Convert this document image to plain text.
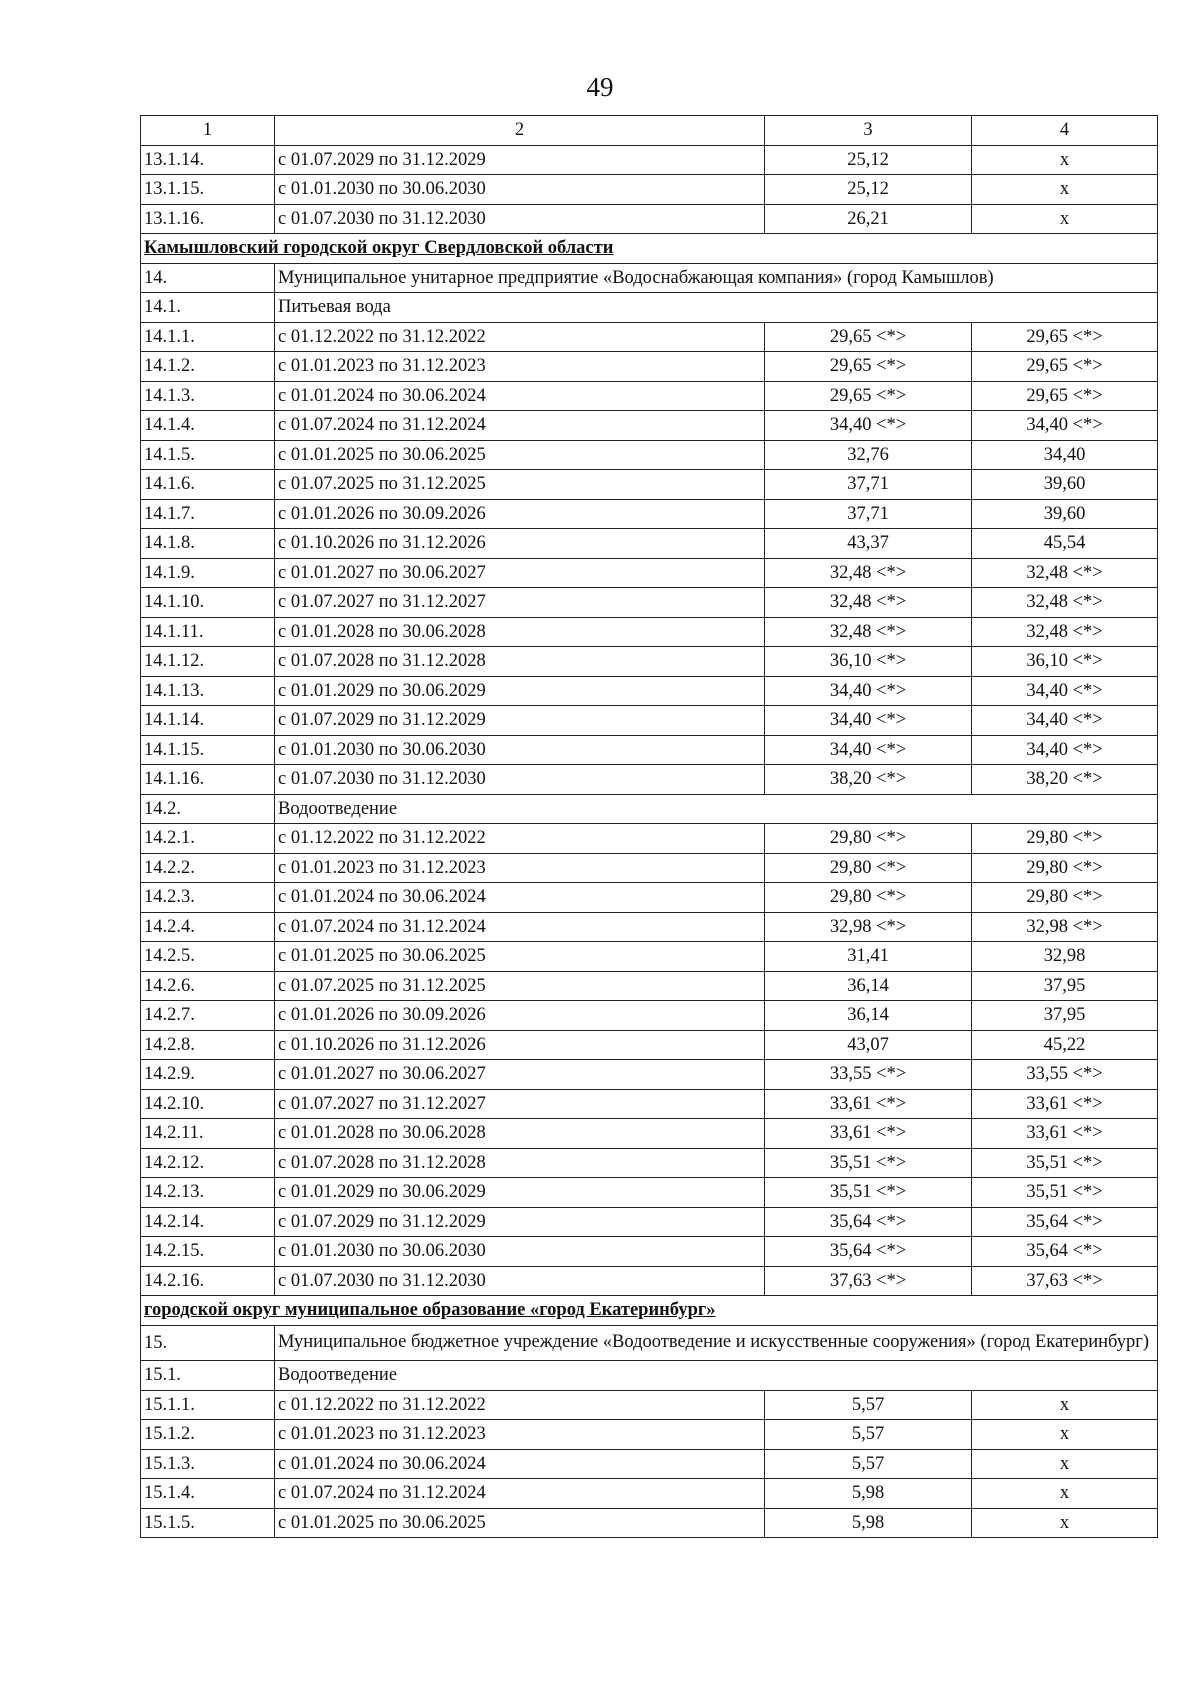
49
1	2	3	4
13.1.14.	с 01.07.2029 по 31.12.2029	25,12	х
13.1.15.	с 01.01.2030 по 30.06.2030	25,12	х
13.1.16.	с 01.07.2030 по 31.12.2030	26,21	х
Камышловский городской округ Свердловской области			
14.	Муниципальное унитарное предприятие «Водоснабжающая компания» (город Камышлов)		
14.1.	Питьевая вода		
14.1.1.	с 01.12.2022 по 31.12.2022	29,65 <*>	29,65 <*>
14.1.2.	с 01.01.2023 по 31.12.2023	29,65 <*>	29,65 <*>
14.1.3.	с 01.01.2024 по 30.06.2024	29,65 <*>	29,65 <*>
14.1.4.	с 01.07.2024 по 31.12.2024	34,40 <*>	34,40 <*>
14.1.5.	с 01.01.2025 по 30.06.2025	32,76	34,40
14.1.6.	с 01.07.2025 по 31.12.2025	37,71	39,60
14.1.7.	с 01.01.2026 по 30.09.2026	37,71	39,60
14.1.8.	с 01.10.2026 по 31.12.2026	43,37	45,54
14.1.9.	с 01.01.2027 по 30.06.2027	32,48 <*>	32,48 <*>
14.1.10.	с 01.07.2027 по 31.12.2027	32,48 <*>	32,48 <*>
14.1.11.	с 01.01.2028 по 30.06.2028	32,48 <*>	32,48 <*>
14.1.12.	с 01.07.2028 по 31.12.2028	36,10 <*>	36,10 <*>
14.1.13.	с 01.01.2029 по 30.06.2029	34,40 <*>	34,40 <*>
14.1.14.	с 01.07.2029 по 31.12.2029	34,40 <*>	34,40 <*>
14.1.15.	с 01.01.2030 по 30.06.2030	34,40 <*>	34,40 <*>
14.1.16.	с 01.07.2030 по 31.12.2030	38,20 <*>	38,20 <*>
14.2.	Водоотведение		
14.2.1.	с 01.12.2022 по 31.12.2022	29,80 <*>	29,80 <*>
14.2.2.	с 01.01.2023 по 31.12.2023	29,80 <*>	29,80 <*>
14.2.3.	с 01.01.2024 по 30.06.2024	29,80 <*>	29,80 <*>
14.2.4.	с 01.07.2024 по 31.12.2024	32,98 <*>	32,98 <*>
14.2.5.	с 01.01.2025 по 30.06.2025	31,41	32,98
14.2.6.	с 01.07.2025 по 31.12.2025	36,14	37,95
14.2.7.	с 01.01.2026 по 30.09.2026	36,14	37,95
14.2.8.	с 01.10.2026 по 31.12.2026	43,07	45,22
14.2.9.	с 01.01.2027 по 30.06.2027	33,55 <*>	33,55 <*>
14.2.10.	с 01.07.2027 по 31.12.2027	33,61 <*>	33,61 <*>
14.2.11.	с 01.01.2028 по 30.06.2028	33,61 <*>	33,61 <*>
14.2.12.	с 01.07.2028 по 31.12.2028	35,51 <*>	35,51 <*>
14.2.13.	с 01.01.2029 по 30.06.2029	35,51 <*>	35,51 <*>
14.2.14.	с 01.07.2029 по 31.12.2029	35,64 <*>	35,64 <*>
14.2.15.	с 01.01.2030 по 30.06.2030	35,64 <*>	35,64 <*>
14.2.16.	с 01.07.2030 по 31.12.2030	37,63 <*>	37,63 <*>
городской округ муниципальное образование «город Екатеринбург»			
15.	Муниципальное бюджетное учреждение «Водоотведение и искусственные сооружения» (город Екатеринбург)		
15.1.	Водоотведение		
15.1.1.	с 01.12.2022 по 31.12.2022	5,57	х
15.1.2.	с 01.01.2023 по 31.12.2023	5,57	х
15.1.3.	с 01.01.2024 по 30.06.2024	5,57	х
15.1.4.	с 01.07.2024 по 31.12.2024	5,98	х
15.1.5.	с 01.01.2025 по 30.06.2025	5,98	х
